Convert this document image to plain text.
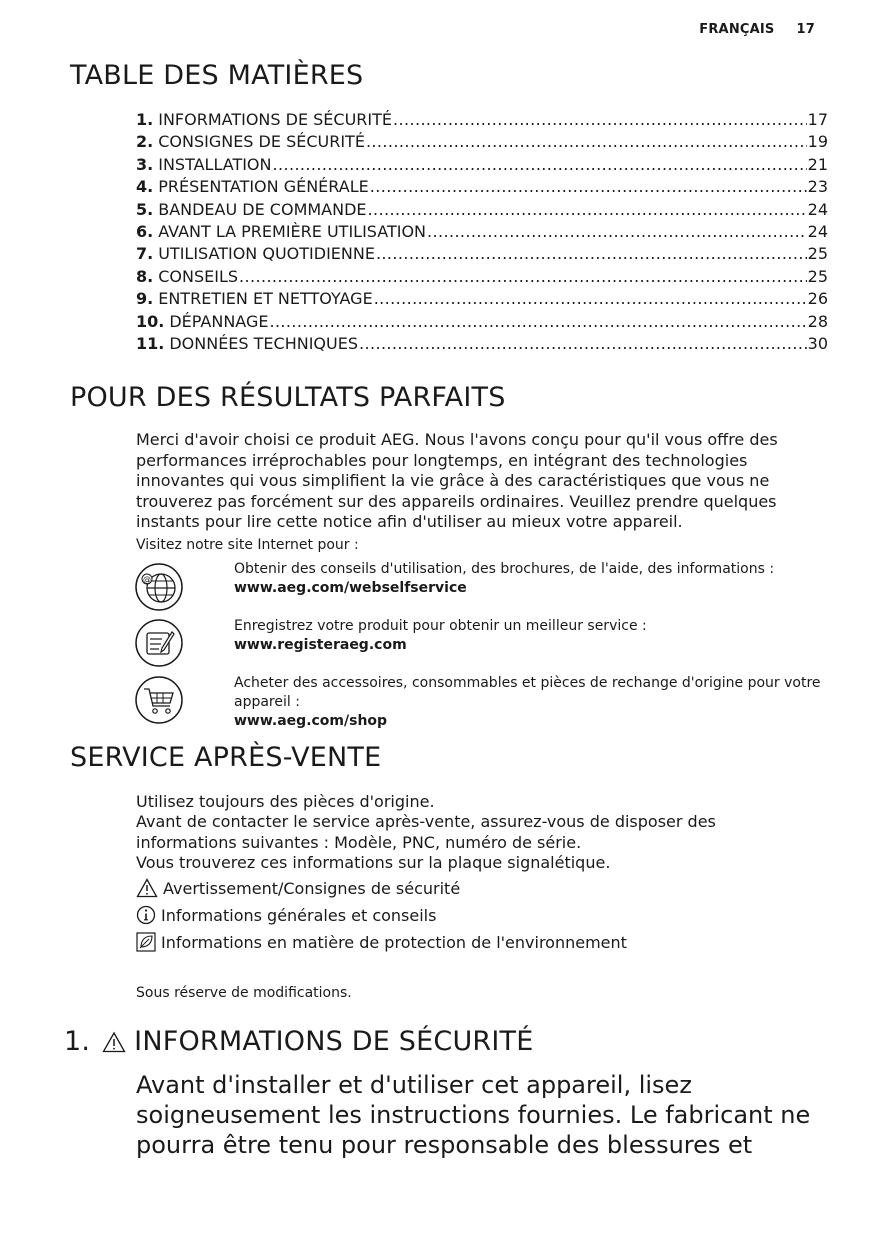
FRANÇAIS 17
TABLE DES MATIÈRES
1. INFORMATIONS DE SÉCURITÉ .....	17
2. CONSIGNES DE SÉCURITÉ .....	19
3. INSTALLATION .....	21
4. PRÉSENTATION GÉNÉRALE .....	23
5. BANDEAU DE COMMANDE .....	24
6. AVANT LA PREMIÈRE UTILISATION .....	24
7. UTILISATION QUOTIDIENNE .....	25
8. CONSEILS .....	25
9. ENTRETIEN ET NETTOYAGE .....	26
10. DÉPANNAGE .....	28
11. DONNÉES TECHNIQUES .....	30
POUR DES RÉSULTATS PARFAITS
Merci d'avoir choisi ce produit AEG. Nous l'avons conçu pour qu'il vous offre des performances irréprochables pour longtemps, en intégrant des technologies innovantes qui vous simplifient la vie grâce à des caractéristiques que vous ne trouverez pas forcément sur des appareils ordinaires. Veuillez prendre quelques instants pour lire cette notice afin d'utiliser au mieux votre appareil.
Visitez notre site Internet pour :
@
Obtenir des conseils d'utilisation, des brochures, de l'aide, des informations :
www.aeg.com/webselfservice
Enregistrez votre produit pour obtenir un meilleur service :
www.registeraeg.com
Acheter des accessoires, consommables et pièces de rechange d'origine pour votre appareil :
www.aeg.com/shop
SERVICE APRÈS-VENTE
Utilisez toujours des pièces d'origine.
Avant de contacter le service après-vente, assurez-vous de disposer des informations suivantes : Modèle, PNC, numéro de série.
Vous trouverez ces informations sur la plaque signalétique.
Avertissement/Consignes de sécurité
Informations générales et conseils
Informations en matière de protection de l'environnement
Sous réserve de modifications.
1. INFORMATIONS DE SÉCURITÉ
Avant d'installer et d'utiliser cet appareil, lisez soigneusement les instructions fournies. Le fabricant ne pourra être tenu pour responsable des blessures et
